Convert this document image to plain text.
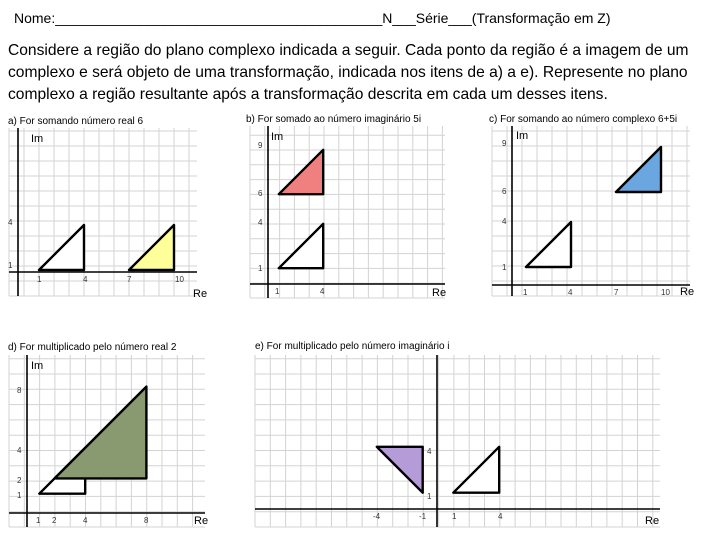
Nome:__________________________________________N___Série___(Transformação em Z)
Considere a região do plano complexo indicada a seguir. Cada ponto da região é a imagem de um complexo e será objeto de uma transformação, indicada nos itens de a) a e). Represente no plano complexo a região resultante após a transformação descrita em cada um desses itens.
a) For somando número real 6	b) For somado ao número imaginário 5i	c) For somando ao número complexo 6+5i
d) For multiplicado pelo número real 2	e) For multiplicado pelo número imaginário i
4
1
1	4	7	10
Im
Re
9
6
4
1
1	4
Im
Re
9
6
4
1
1	4	7	10
Im
Re
8
4
2
1
1 2	4	8
Im
Re
4
1
-4	-1	1	4	Re
